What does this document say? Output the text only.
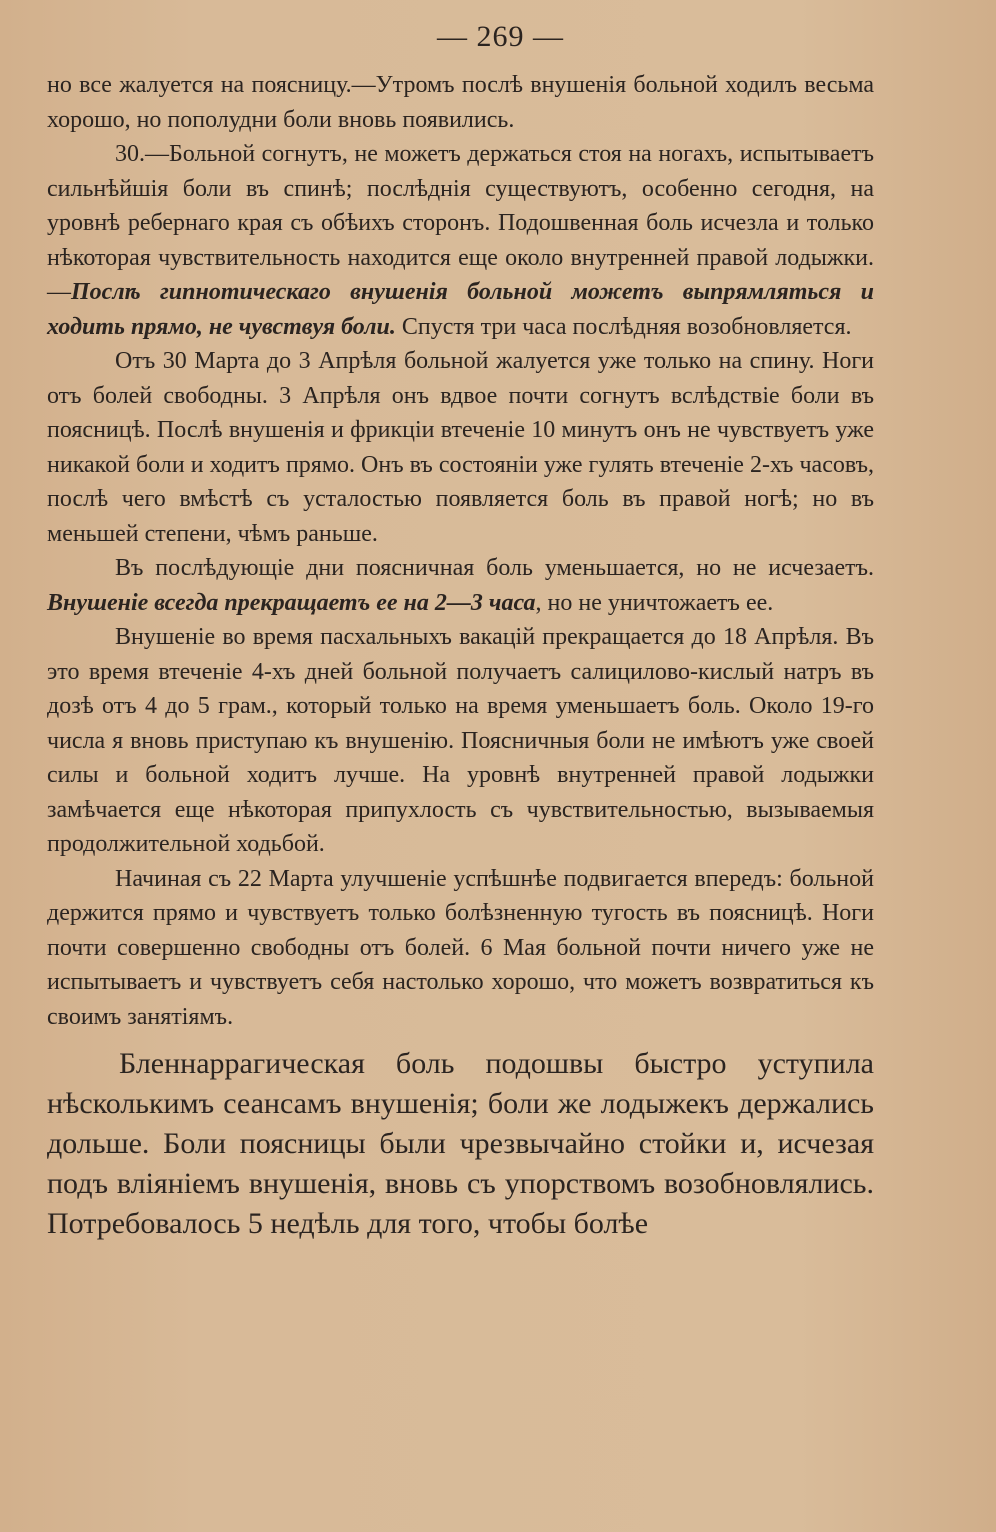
— 269 —

но все жалуется на поясницу.—Утромъ послѣ внушенія больной ходилъ весьма хорошо, но пополудни боли вновь появились.

30.—Больной согнутъ, не можетъ держаться стоя на ногахъ, испытываетъ сильнѣйшія боли въ спинѣ; послѣднія существуютъ, особенно сегодня, на уровнѣ ребернаго края съ обѣихъ сторонъ. Подошвенная боль исчезла и только нѣкоторая чувствительность находится еще около внутренней правой лодыжки.—Послѣ гипнотическаго внушенія больной можетъ выпрямляться и ходить прямо, не чувствуя боли. Спустя три часа послѣдняя возобновляется.

Отъ 30 Марта до 3 Апрѣля больной жалуется уже только на спину. Ноги отъ болей свободны. 3 Апрѣля онъ вдвое почти согнутъ вслѣдствіе боли въ поясницѣ. Послѣ внушенія и фрикціи втеченіе 10 минутъ онъ не чувствуетъ уже никакой боли и ходитъ прямо. Онъ въ состояніи уже гулять втеченіе 2-хъ часовъ, послѣ чего вмѣстѣ съ усталостью появляется боль въ правой ногѣ; но въ меньшей степени, чѣмъ раньше.

Въ послѣдующіе дни поясничная боль уменьшается, но не исчезаетъ. Внушеніе всегда прекращаетъ ее на 2—3 часа, но не уничтожаетъ ее.

Внушеніе во время пасхальныхъ вакацій прекращается до 18 Апрѣля. Въ это время втеченіе 4-хъ дней больной получаетъ салицилово-кислый натръ въ дозѣ отъ 4 до 5 грам., который только на время уменьшаетъ боль. Около 19-го числа я вновь приступаю къ внушенію. Поясничныя боли не имѣютъ уже своей силы и больной ходитъ лучше. На уровнѣ внутренней правой лодыжки замѣчается еще нѣкоторая припухлость съ чувствительностью, вызываемыя продолжительной ходьбой.

Начиная съ 22 Марта улучшеніе успѣшнѣе подвигается впередъ: больной держится прямо и чувствуетъ только болѣзненную тугость въ поясницѣ. Ноги почти совершенно свободны отъ болей. 6 Мая больной почти ничего уже не испытываетъ и чувствуетъ себя настолько хорошо, что можетъ возвратиться къ своимъ занятіямъ.

Бленнаррагическая боль подошвы быстро уступила нѣсколькимъ сеансамъ внушенія; боли же лодыжекъ держались дольше. Боли поясницы были чрезвычайно стойки и, исчезая подъ вліяніемъ внушенія, вновь съ упорствомъ возобновлялись. Потребовалось 5 недѣль для того, чтобы болѣе
